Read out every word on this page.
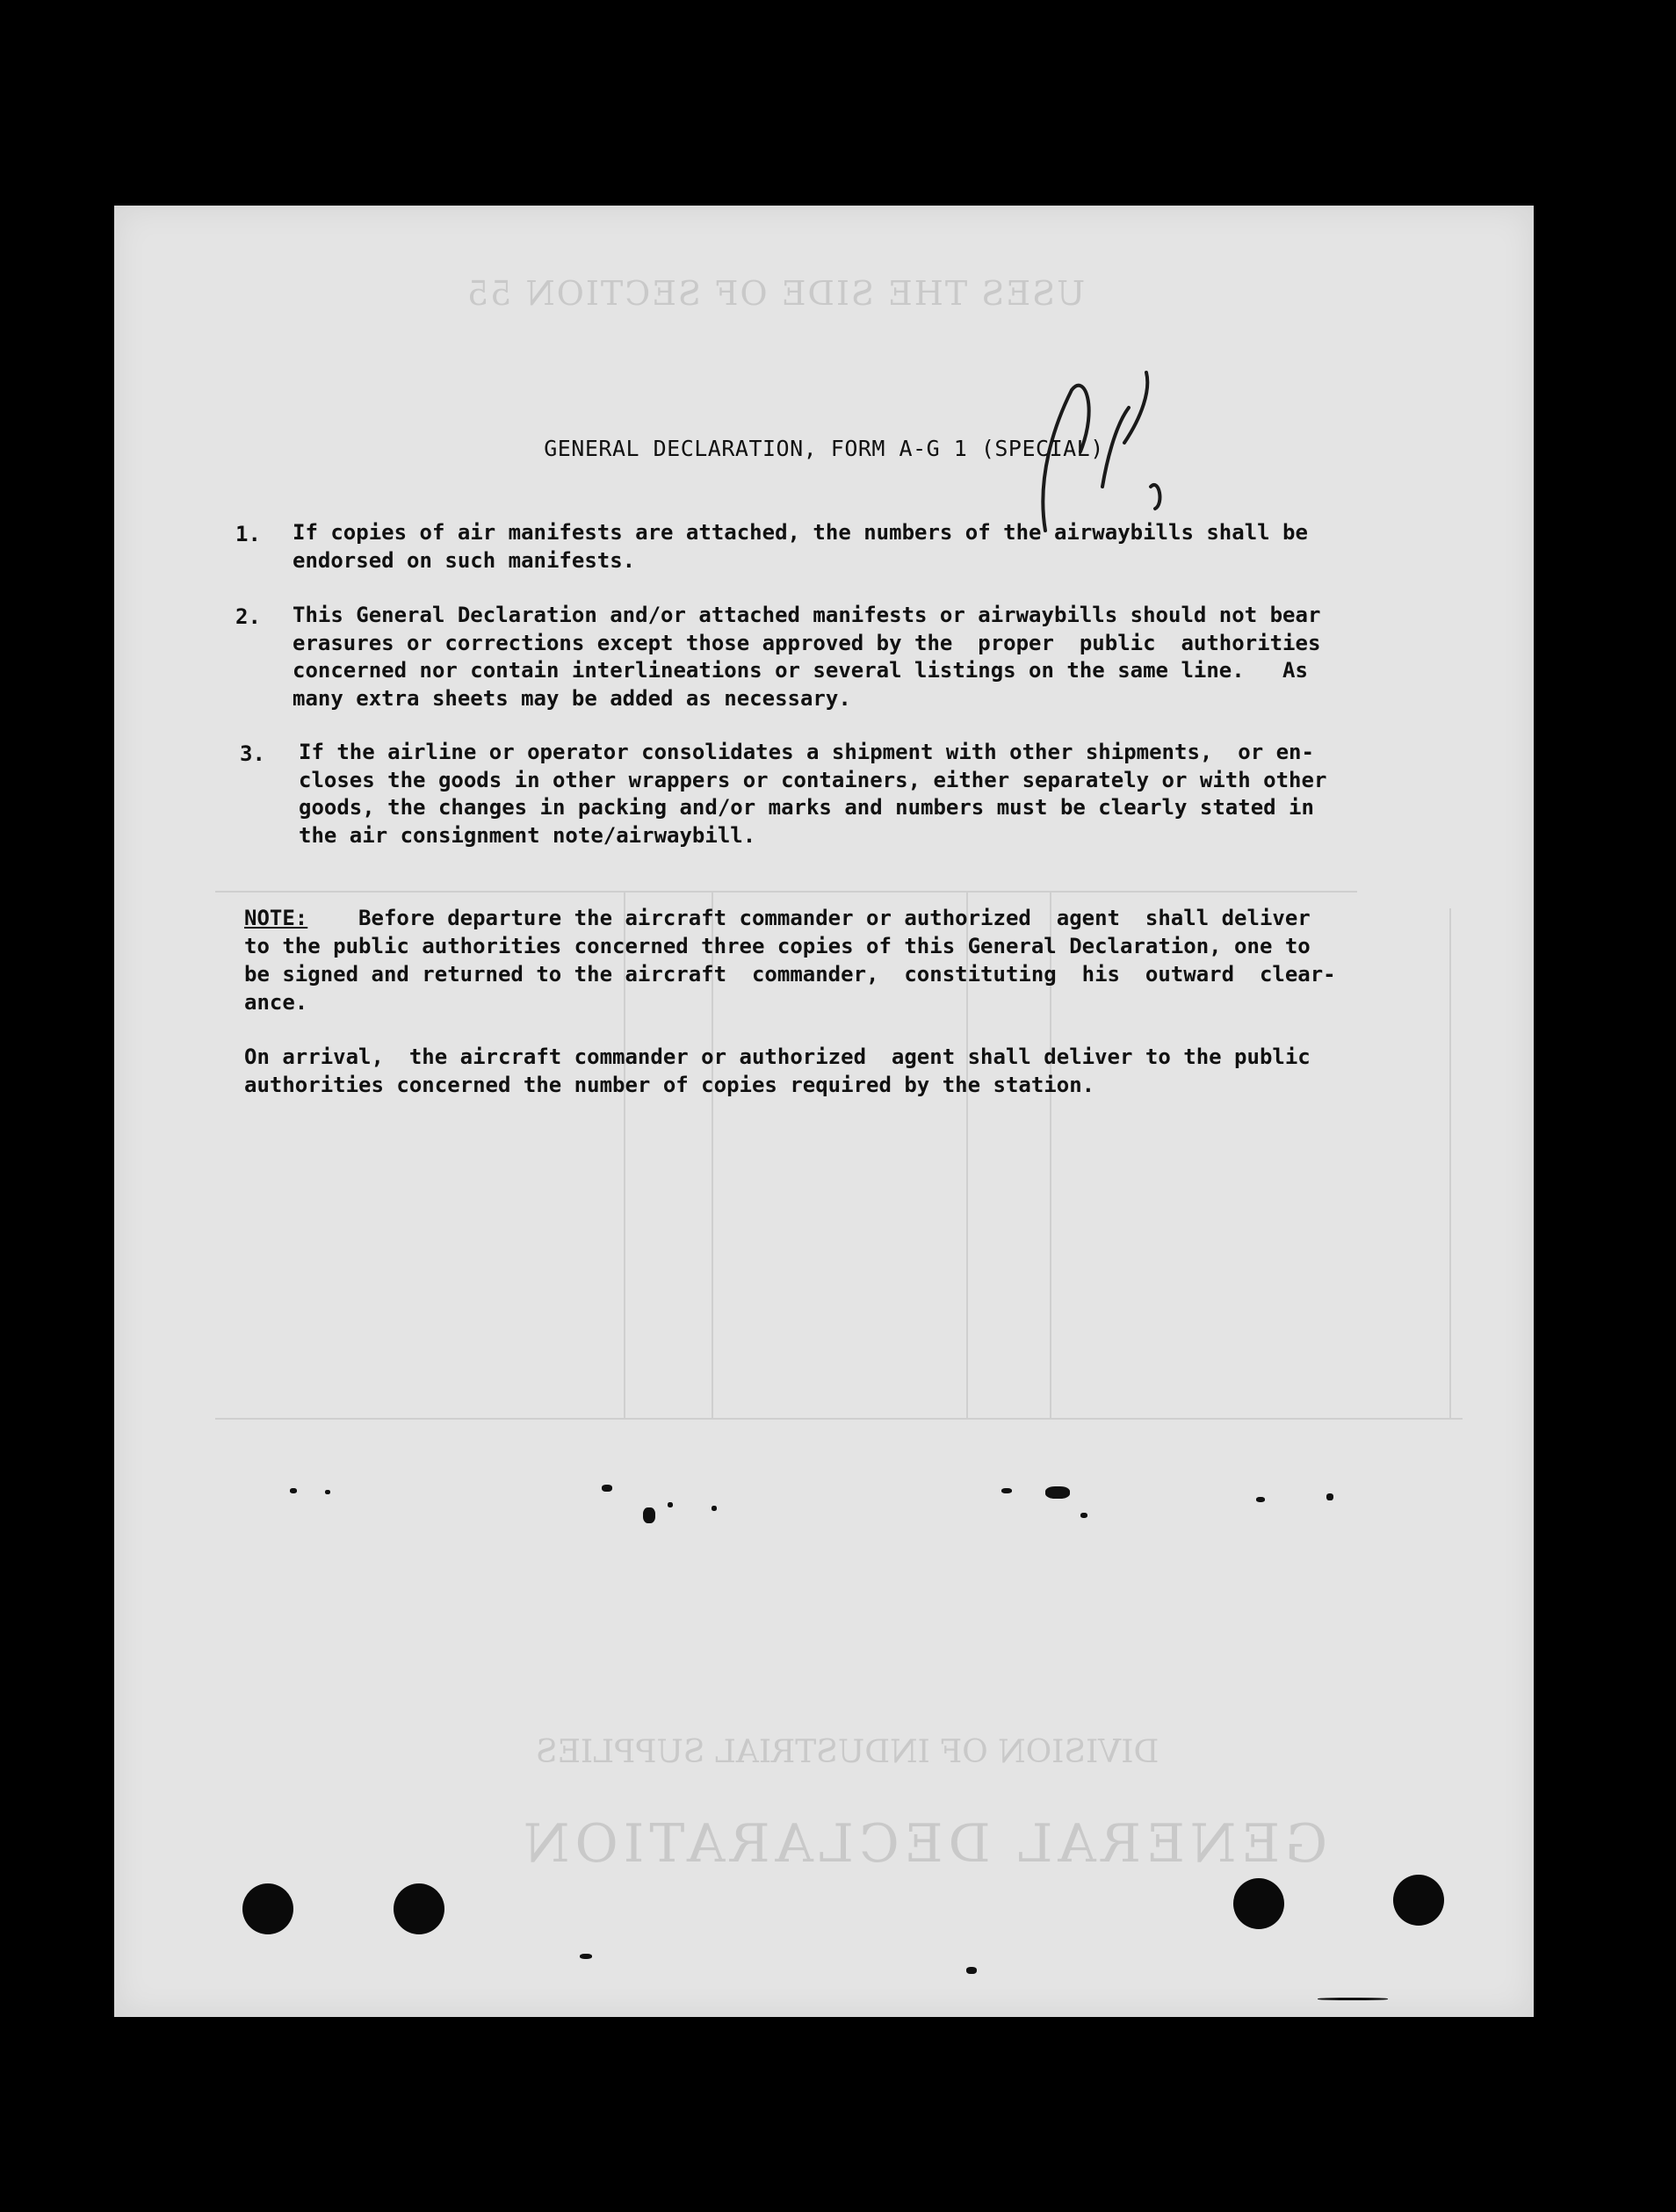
USES THE SIDE OF SECTION 55
DIVISION OF INDUSTRIAL SUPPLIES
GENERAL DECLARATION
GENERAL DECLARATION, FORM A-G 1 (SPECIAL)
1. If copies of air manifests are attached, the numbers of the airwaybills shall be

endorsed on such manifests.

2. This General Declaration and/or attached manifests or airwaybills should not bear

erasures or corrections except those approved by the  proper  public  authorities

concerned nor contain interlineations or several listings on the same line.   As

many extra sheets may be added as necessary.

3. If the airline or operator consolidates a shipment with other shipments,  or en-

closes the goods in other wrappers or containers, either separately or with other

goods, the changes in packing and/or marks and numbers must be clearly stated in

the air consignment note/airwaybill.

NOTE:    Before departure the aircraft commander or authorized  agent  shall deliver

to the public authorities concerned three copies of this General Declaration, one to

be signed and returned to the aircraft  commander,  constituting  his  outward  clear-

ance.

On arrival,  the aircraft commander or authorized  agent shall deliver to the public

authorities concerned the number of copies required by the station.
